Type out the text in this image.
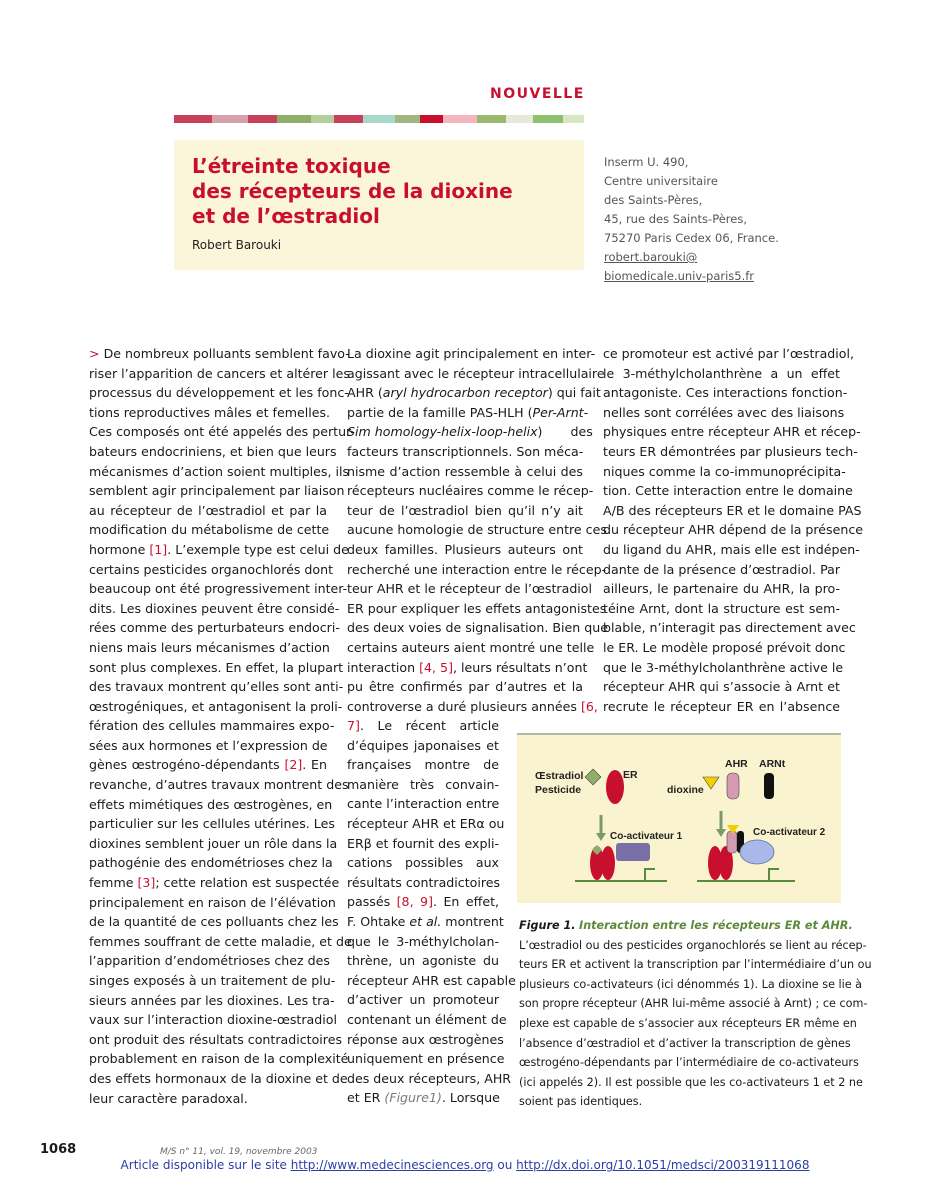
NOUVELLE
L’étreinte toxique
des récepteurs de la dioxine
et de l’œstradiol
Robert Barouki
Inserm U. 490,
Centre universitaire
des Saints-Pères,
45, rue des Saints-Pères,
75270 Paris Cedex 06, France.
robert.barouki@
biomedicale.univ-paris5.fr
> De nombreux polluants semblent favo-
riser l’apparition de cancers et altérer les
processus du développement et les fonc-
tions reproductives mâles et femelles.
Ces composés ont été appelés des pertur-
bateurs endocriniens, et bien que leurs
mécanismes d’action soient multiples, ils
semblent agir principalement par liaison
au récepteur de l’œstradiol et par la
modification du métabolisme de cette
hormone [1]. L’exemple type est celui de
certains pesticides organochlorés dont
beaucoup ont été progressivement inter-
dits. Les dioxines peuvent être considé-
rées comme des perturbateurs endocri-
niens mais leurs mécanismes d’action
sont plus complexes. En effet, la plupart
des travaux montrent qu’elles sont anti-
œstrogéniques, et antagonisent la proli-
fération des cellules mammaires expo-
sées aux hormones et l’expression de
gènes œstrogéno-dépendants [2]. En
revanche, d’autres travaux montrent des
effets mimétiques des œstrogènes, en
particulier sur les cellules utérines. Les
dioxines semblent jouer un rôle dans la
pathogénie des endométrioses chez la
femme [3]; cette relation est suspectée
principalement en raison de l’élévation
de la quantité de ces polluants chez les
femmes souffrant de cette maladie, et de
l’apparition d’endométrioses chez des
singes exposés à un traitement de plu-
sieurs années par les dioxines. Les tra-
vaux sur l’interaction dioxine-œstradiol
ont produit des résultats contradictoires
probablement en raison de la complexité
des effets hormonaux de la dioxine et de
leur caractère paradoxal.
La dioxine agit principalement en inter-
agissant avec le récepteur intracellulaire
AHR (aryl hydrocarbon receptor) qui fait
partie de la famille PAS-HLH (Per-Arnt-
Sim homology-helix-loop-helix)       des
facteurs transcriptionnels. Son méca-
nisme d’action ressemble à celui des
récepteurs nucléaires comme le récep-
teur de l’œstradiol bien qu’il n’y ait
aucune homologie de structure entre ces
deux familles. Plusieurs auteurs ont
recherché une interaction entre le récep-
teur AHR et le récepteur de l’œstradiol
ER pour expliquer les effets antagonistes
des deux voies de signalisation. Bien que
certains auteurs aient montré une telle
interaction [4, 5], leurs résultats n’ont
pu être confirmés par d’autres et la
controverse a duré plusieurs années [6,
7]. Le récent article
d’équipes japonaises et
françaises montre de
manière très convain-
cante l’interaction entre
récepteur AHR et ERα ou
ERβ et fournit des expli-
cations possibles aux
résultats contradictoires
passés [8, 9]. En effet,
F. Ohtake et al. montrent
que le 3-méthylcholan-
thrène, un agoniste du
récepteur AHR est capable
d’activer un promoteur
contenant un élément de
réponse aux œstrogènes
uniquement en présence
des deux récepteurs, AHR
et ER (Figure1). Lorsque
ce promoteur est activé par l’œstradiol,
le 3-méthylcholanthrène a un effet
antagoniste. Ces interactions fonction-
nelles sont corrélées avec des liaisons
physiques entre récepteur AHR et récep-
teurs ER démontrées par plusieurs tech-
niques comme la co-immunoprécipita-
tion. Cette interaction entre le domaine
A/B des récepteurs ER et le domaine PAS
du récepteur AHR dépend de la présence
du ligand du AHR, mais elle est indépen-
dante de la présence d’œstradiol. Par
ailleurs, le partenaire du AHR, la pro-
téine Arnt, dont la structure est sem-
blable, n’interagit pas directement avec
le ER. Le modèle proposé prévoit donc
que le 3-méthylcholanthrène active le
récepteur AHR qui s’associe à Arnt et
recrute le récepteur ER en l’absence
Œstradiol
Pesticide
ER
Co-activateur 1
AHR ARNt
dioxine
Co-activateur 2
Figure 1. Interaction entre les récepteurs ER et AHR.
L’œstradiol ou des pesticides organochlorés se lient au récep-
teurs ER et activent la transcription par l’intermédiaire d’un ou
plusieurs co-activateurs (ici dénommés 1). La dioxine se lie à
son propre récepteur (AHR lui-même associé à Arnt) ; ce com-
plexe est capable de s’associer aux récepteurs ER même en
l’absence d’œstradiol et d’activer la transcription de gènes
œstrogéno-dépendants par l’intermédiaire de co-activateurs
(ici appelés 2). Il est possible que les co-activateurs 1 et 2 ne
soient pas identiques.
1068	M/S n° 11, vol. 19, novembre 2003
Article disponible sur le site http://www.medecinesciences.org ou http://dx.doi.org/10.1051/medsci/200319111068
